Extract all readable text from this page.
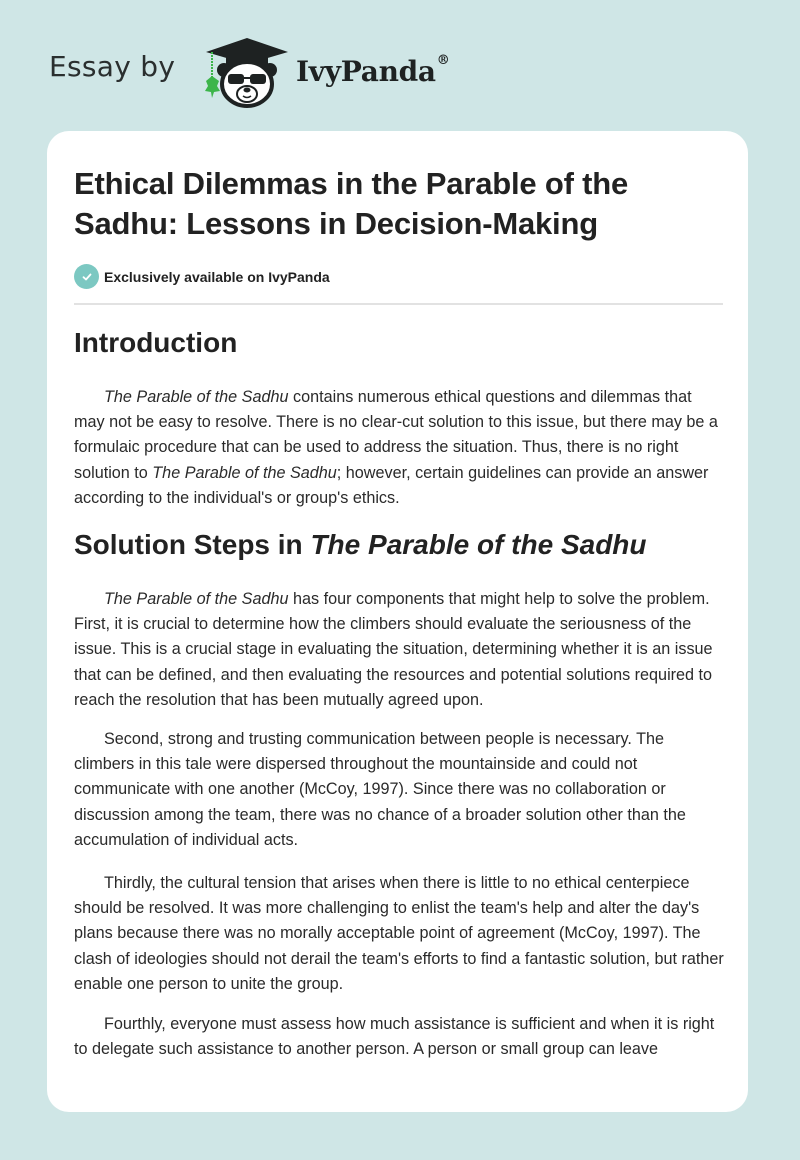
Essay by	IvyPanda®
Ethical Dilemmas in the Parable of the Sadhu: Lessons in Decision-Making
Exclusively available on IvyPanda
Introduction

The Parable of the Sadhu contains numerous ethical questions and dilemmas that may not be easy to resolve. There is no clear-cut solution to this issue, but there may be a formulaic procedure that can be used to address the situation. Thus, there is no right solution to The Parable of the Sadhu; however, certain guidelines can provide an answer according to the individual's or group's ethics.

Solution Steps in The Parable of the Sadhu

The Parable of the Sadhu has four components that might help to solve the problem. First, it is crucial to determine how the climbers should evaluate the seriousness of the issue. This is a crucial stage in evaluating the situation, determining whether it is an issue that can be defined, and then evaluating the resources and potential solutions required to reach the resolution that has been mutually agreed upon.

Second, strong and trusting communication between people is necessary. The climbers in this tale were dispersed throughout the mountainside and could not communicate with one another (McCoy, 1997). Since there was no collaboration or discussion among the team, there was no chance of a broader solution other than the accumulation of individual acts.

Thirdly, the cultural tension that arises when there is little to no ethical centerpiece should be resolved. It was more challenging to enlist the team's help and alter the day's plans because there was no morally acceptable point of agreement (McCoy, 1997). The clash of ideologies should not derail the team's efforts to find a fantastic solution, but rather enable one person to unite the group.

Fourthly, everyone must assess how much assistance is sufficient and when it is right to delegate such assistance to another person. A person or small group can leave
